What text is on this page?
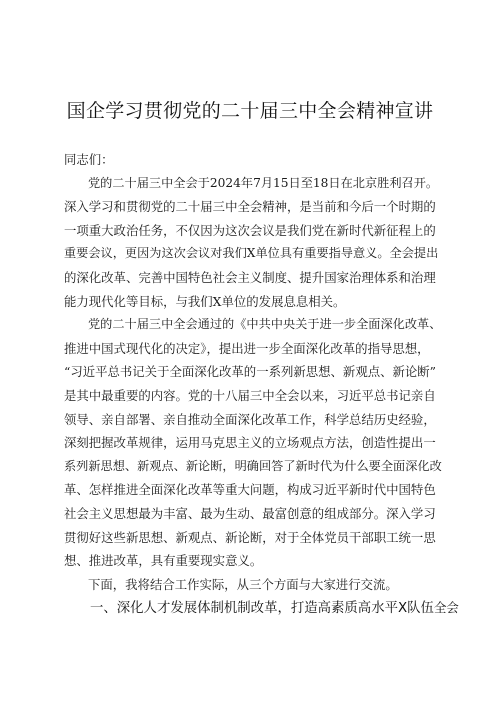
国企学习贯彻党的二十届三中全会精神宣讲

同志们：

党的二十届三中全会于2024年7月15日至18日在北京胜利召开。
深入学习和贯彻党的二十届三中全会精神，是当前和今后一个时期的
一项重大政治任务，不仅因为这次会议是我们党在新时代新征程上的
重要会议，更因为这次会议对我们X单位具有重要指导意义。全会提出
的深化改革、完善中国特色社会主义制度、提升国家治理体系和治理
能力现代化等目标，与我们X单位的发展息息相关。
党的二十届三中全会通过的《中共中央关于进一步全面深化改革、
推进中国式现代化的决定》，提出进一步全面深化改革的指导思想，
“习近平总书记关于全面深化改革的一系列新思想、新观点、新论断”
是其中最重要的内容。党的十八届三中全会以来，习近平总书记亲自
领导、亲自部署、亲自推动全面深化改革工作，科学总结历史经验，
深刻把握改革规律，运用马克思主义的立场观点方法，创造性提出一
系列新思想、新观点、新论断，明确回答了新时代为什么要全面深化改
革、怎样推进全面深化改革等重大问题，构成习近平新时代中国特色
社会主义思想最为丰富、最为生动、最富创意的组成部分。深入学习
贯彻好这些新思想、新观点、新论断，对于全体党员干部职工统一思
想、推进改革，具有重要现实意义。
下面，我将结合工作实际，从三个方面与大家进行交流。
一、深化人才发展体制机制改革，打造高素质高水平X队伍全会
